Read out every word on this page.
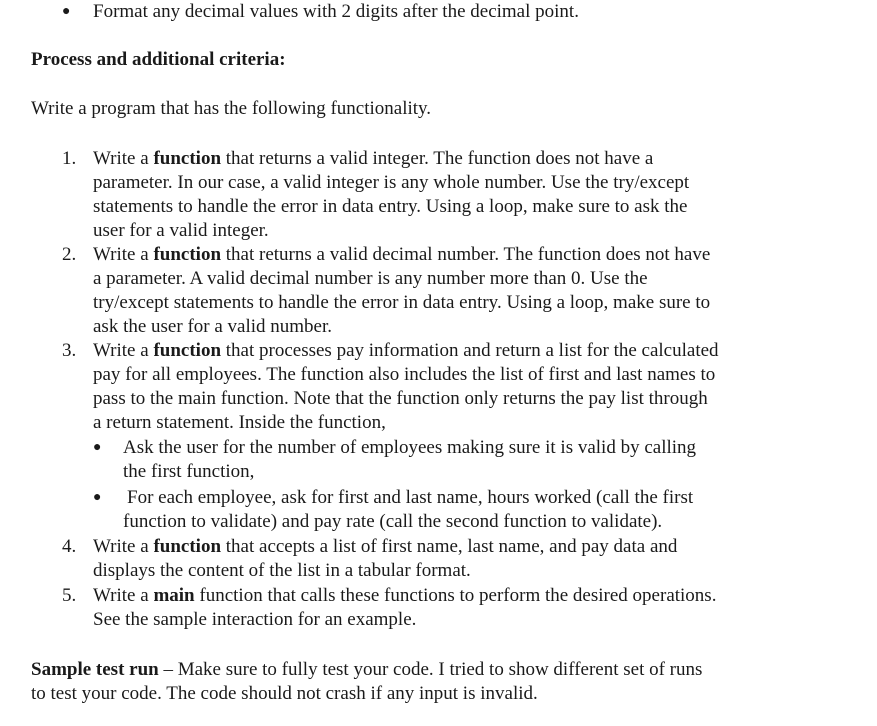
● Format any decimal values with 2 digits after the decimal point.
Process and additional criteria:
Write a program that has the following functionality.
1. Write a function that returns a valid integer. The function does not have a
parameter. In our case, a valid integer is any whole number. Use the try/except
statements to handle the error in data entry. Using a loop, make sure to ask the
user for a valid integer.
2. Write a function that returns a valid decimal number. The function does not have
a parameter. A valid decimal number is any number more than 0. Use the
try/except statements to handle the error in data entry. Using a loop, make sure to
ask the user for a valid number.
3. Write a function that processes pay information and return a list for the calculated
pay for all employees. The function also includes the list of first and last names to
pass to the main function. Note that the function only returns the pay list through
a return statement. Inside the function,
● Ask the user for the number of employees making sure it is valid by calling
the first function,
● For each employee, ask for first and last name, hours worked (call the first
function to validate) and pay rate (call the second function to validate).
4. Write a function that accepts a list of first name, last name, and pay data and
displays the content of the list in a tabular format.
5. Write a main function that calls these functions to perform the desired operations.
See the sample interaction for an example.
Sample test run – Make sure to fully test your code. I tried to show different set of runs
to test your code. The code should not crash if any input is invalid.
